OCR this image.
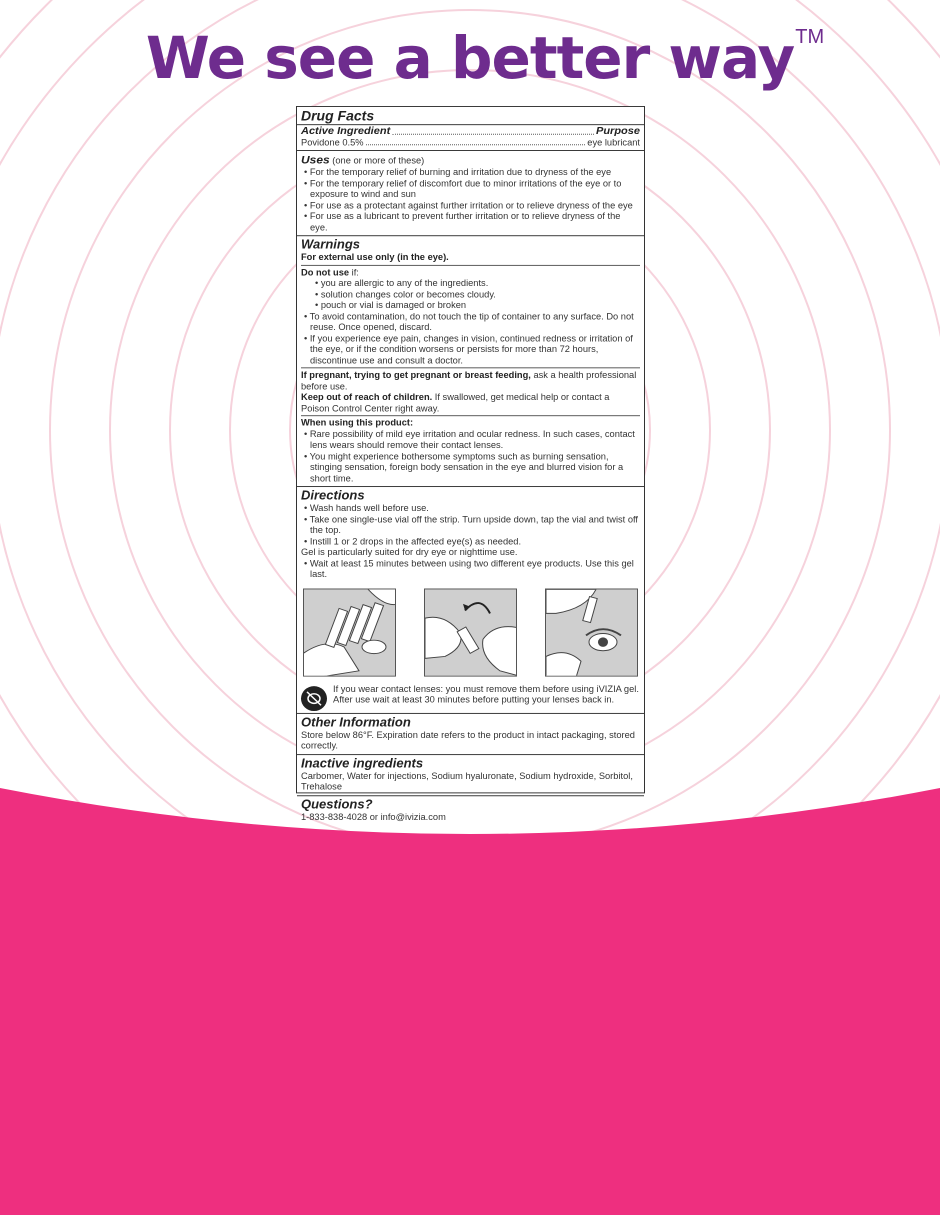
We see a better way TM
Drug Facts
Active Ingredient	Purpose
Povidone 0.5%	eye lubricant
Uses (one or more of these)
• For the temporary relief of burning and irritation due to dryness of the eye
• For the temporary relief of discomfort due to minor irritations of the eye or to exposure to wind and sun
• For use as a protectant against further irritation or to relieve dryness of the eye
• For use as a lubricant to prevent further irritation or to relieve dryness of the eye.
Warnings
For external use only (in the eye).
Do not use if:
• you are allergic to any of the ingredients.
• solution changes color or becomes cloudy.
• pouch or vial is damaged or broken
• To avoid contamination, do not touch the tip of container to any surface. Do not reuse. Once opened, discard.
• If you experience eye pain, changes in vision, continued redness or irritation of the eye, or if the condition worsens or persists for more than 72 hours, discontinue use and consult a doctor.
If pregnant, trying to get pregnant or breast feeding, ask a health professional before use.
Keep out of reach of children. If swallowed, get medical help or contact a Poison Control Center right away.
When using this product:
• Rare possibility of mild eye irritation and ocular redness. In such cases, contact lens wears should remove their contact lenses.
• You might experience bothersome symptoms such as burning sensation, stinging sensation, foreign body sensation in the eye and blurred vision for a short time.
Directions
• Wash hands well before use.
• Take one single-use vial off the strip. Turn upside down, tap the vial and twist off the top.
• Instill 1 or 2 drops in the affected eye(s) as needed.
Gel is particularly suited for dry eye or nighttime use.
• Wait at least 15 minutes between using two different eye products. Use this gel last.
If you wear contact lenses: you must remove them before using iVIZIA gel. After use wait at least 30 minutes before putting your lenses back in.
Other Information
Store below 86°F. Expiration date refers to the product in intact packaging, stored correctly.
Inactive ingredients
Carbomer, Water for injections, Sodium hyaluronate, Sodium hydroxide, Sorbitol, Trehalose
Questions?
1-833-838-4028 or info@ivizia.com
